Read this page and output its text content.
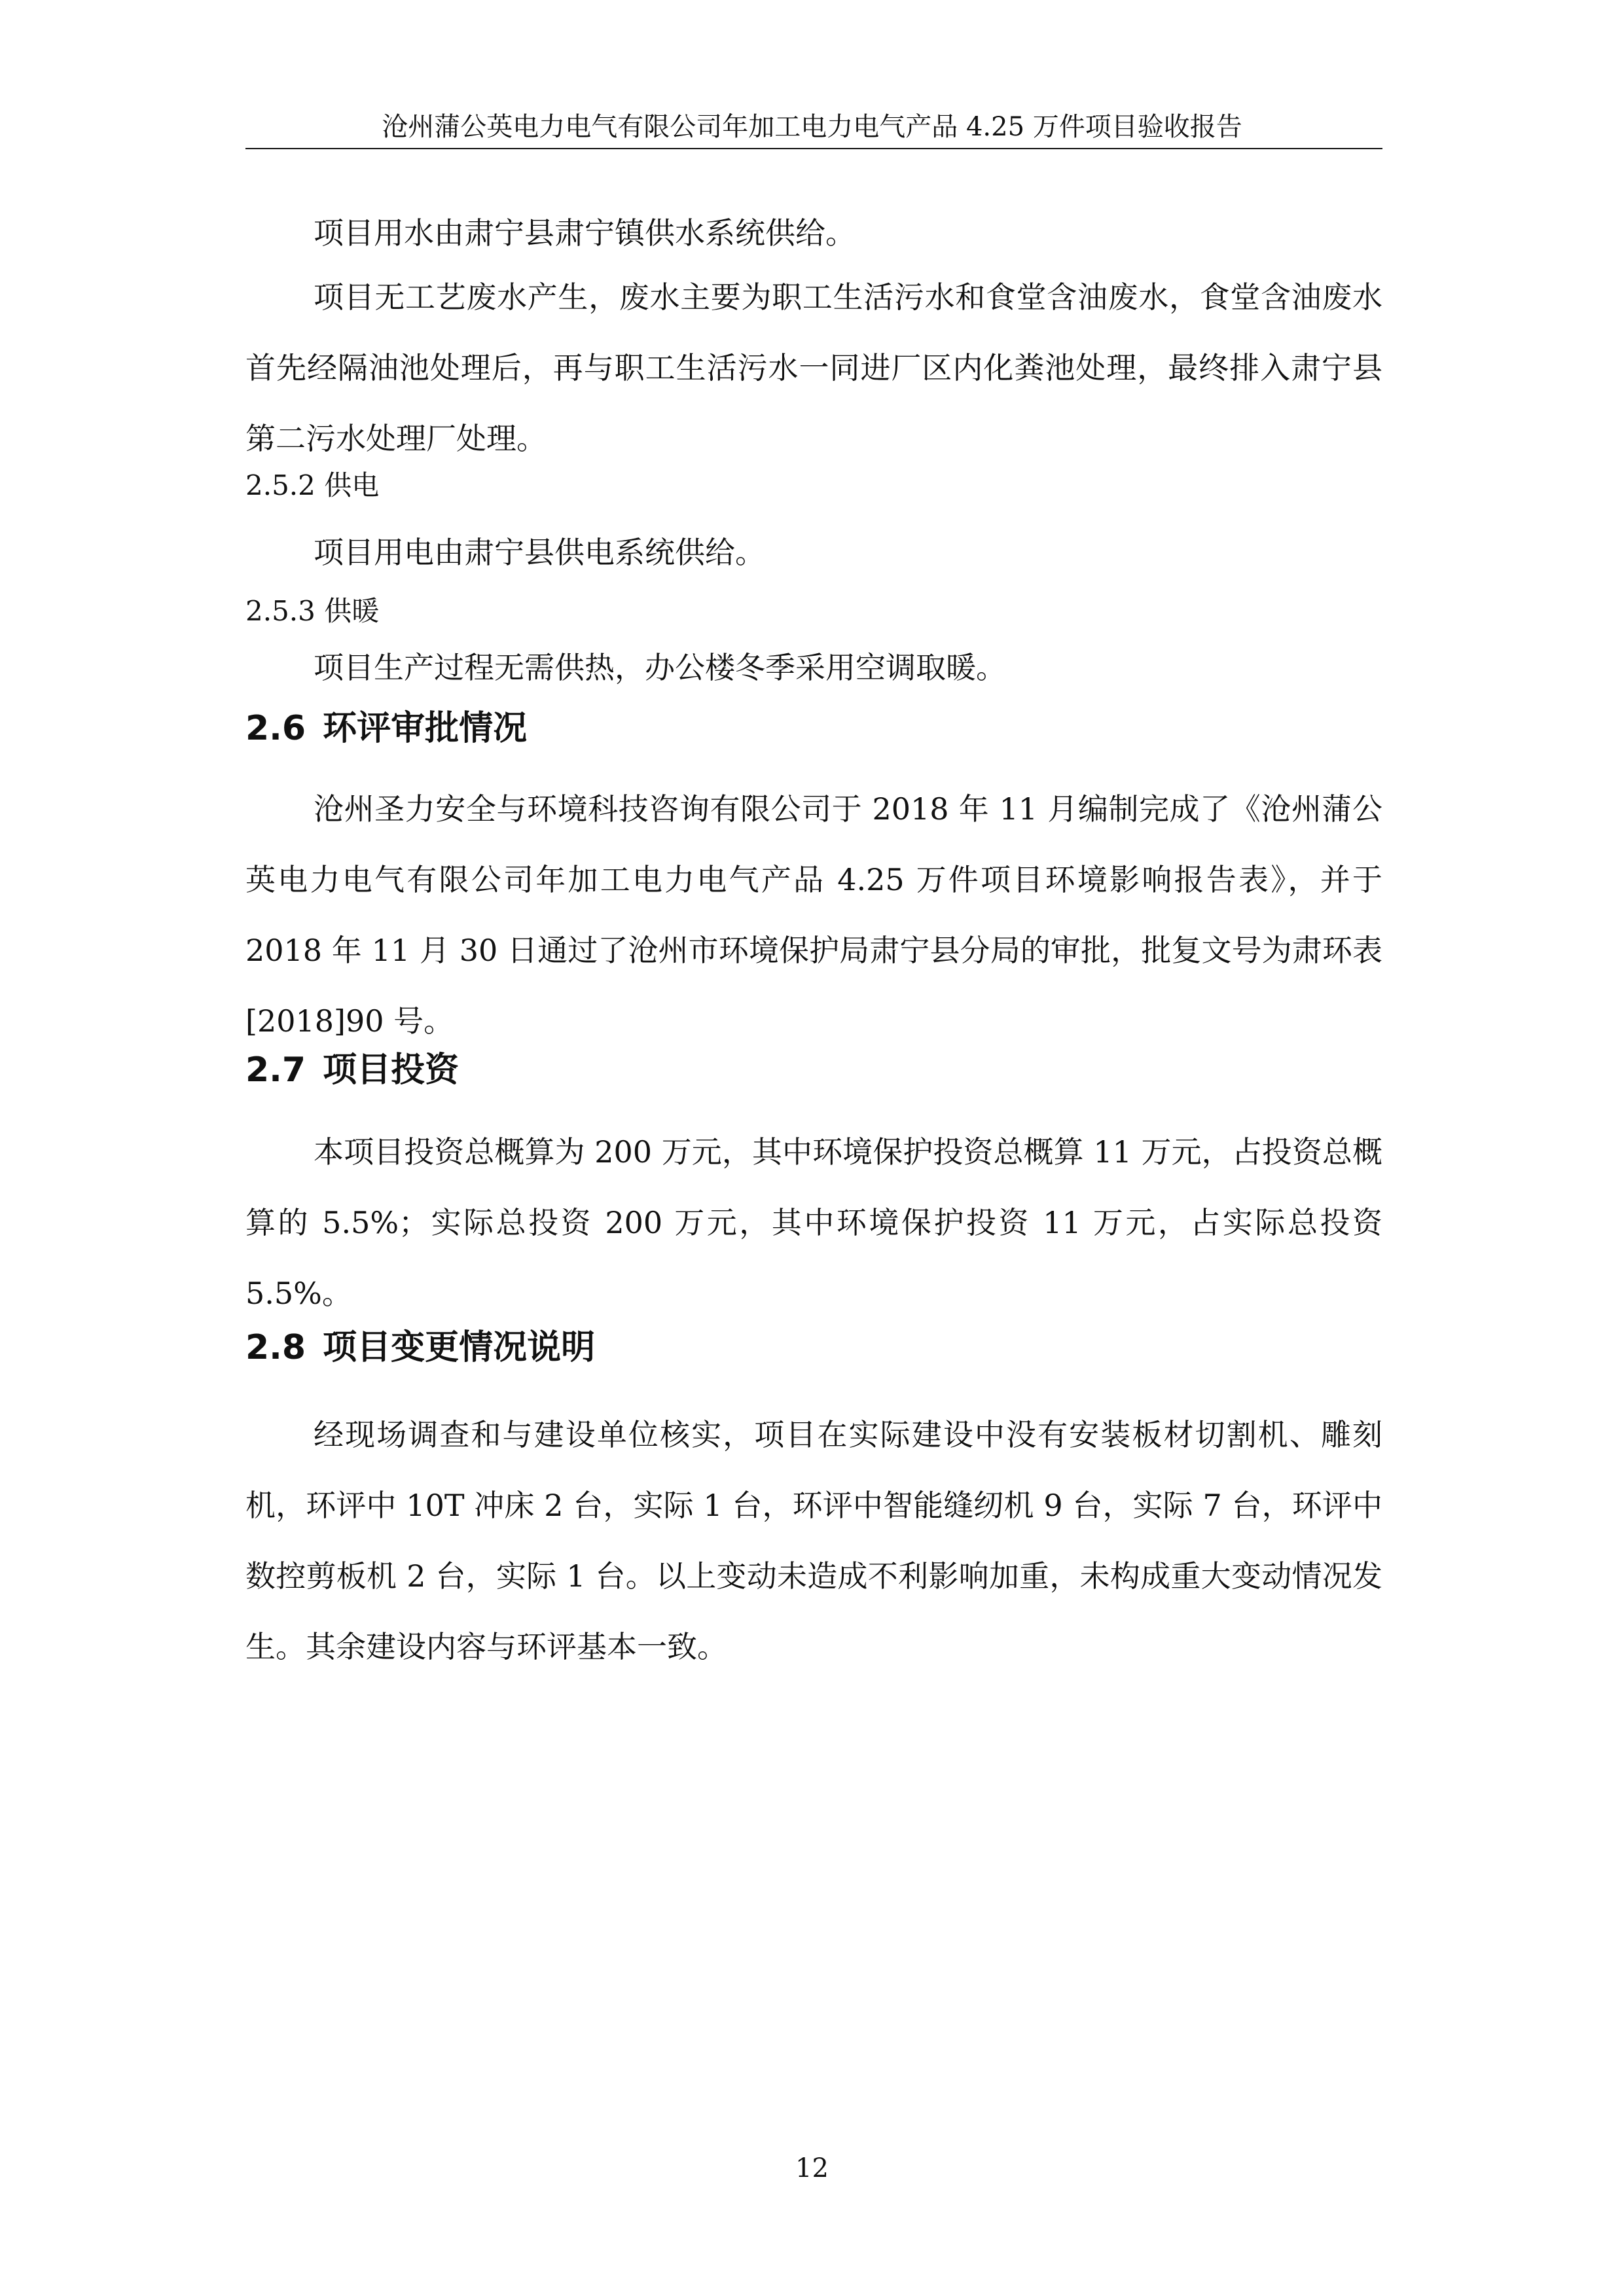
沧州蒲公英电力电气有限公司年加工电力电气产品 4.25 万件项目验收报告
项目用水由肃宁县肃宁镇供水系统供给。
项目无工艺废水产生，废水主要为职工生活污水和食堂含油废水，食堂含油废水首先经隔油池处理后，再与职工生活污水一同进厂区内化粪池处理，最终排入肃宁县第二污水处理厂处理。
2.5.2 供电
项目用电由肃宁县供电系统供给。
2.5.3 供暖
项目生产过程无需供热，办公楼冬季采用空调取暖。
2.6 环评审批情况
沧州圣力安全与环境科技咨询有限公司于 2018 年 11 月编制完成了《沧州蒲公英电力电气有限公司年加工电力电气产品 4.25 万件项目环境影响报告表》，并于 2018 年 11 月 30 日通过了沧州市环境保护局肃宁县分局的审批，批复文号为肃环表[2018]90 号。
2.7 项目投资
本项目投资总概算为 200 万元，其中环境保护投资总概算 11 万元，占投资总概算的 5.5%；实际总投资 200 万元，其中环境保护投资 11 万元，占实际总投资 5.5%。
2.8 项目变更情况说明
经现场调查和与建设单位核实，项目在实际建设中没有安装板材切割机、雕刻机，环评中 10T 冲床 2 台，实际 1 台，环评中智能缝纫机 9 台，实际 7 台，环评中数控剪板机 2 台，实际 1 台。以上变动未造成不利影响加重，未构成重大变动情况发生。其余建设内容与环评基本一致。
12
